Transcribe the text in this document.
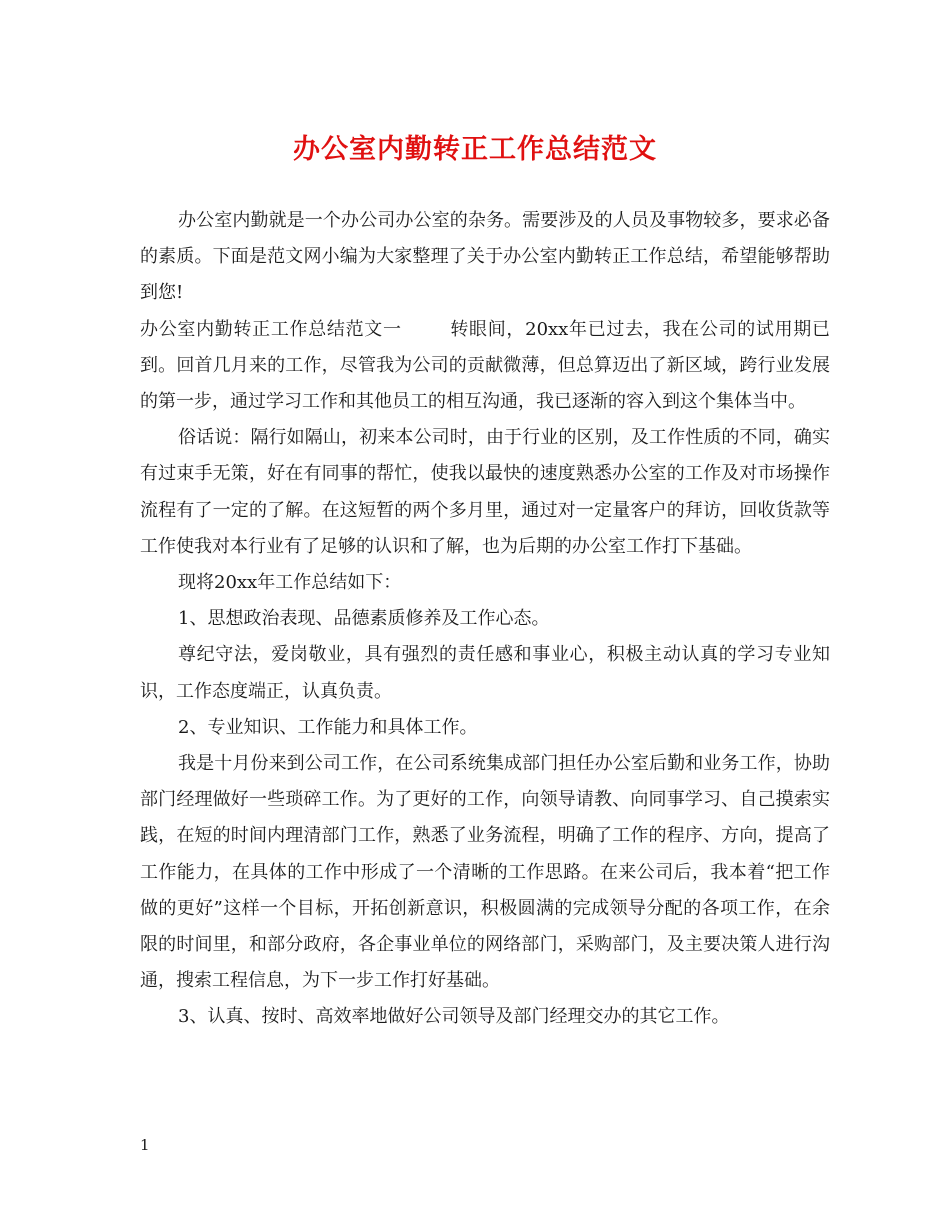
办公室内勤转正工作总结范文

办公室内勤就是一个办公司办公室的杂务。需要涉及的人员及事物较多，要求必备的素质。下面是范文网小编为大家整理了关于办公室内勤转正工作总结，希望能够帮助到您!

办公室内勤转正工作总结范文一	转眼间，20xx年已过去，我在公司的试用期已到。回首几月来的工作，尽管我为公司的贡献微薄，但总算迈出了新区域，跨行业发展的第一步，通过学习工作和其他员工的相互沟通，我已逐渐的容入到这个集体当中。

俗话说：隔行如隔山，初来本公司时，由于行业的区别，及工作性质的不同，确实有过束手无策，好在有同事的帮忙，使我以最快的速度熟悉办公室的工作及对市场操作流程有了一定的了解。在这短暂的两个多月里，通过对一定量客户的拜访，回收货款等工作使我对本行业有了足够的认识和了解，也为后期的办公室工作打下基础。

现将20xx年工作总结如下：

1、思想政治表现、品德素质修养及工作心态。

尊纪守法，爱岗敬业，具有强烈的责任感和事业心，积极主动认真的学习专业知识，工作态度端正，认真负责。

2、专业知识、工作能力和具体工作。

我是十月份来到公司工作，在公司系统集成部门担任办公室后勤和业务工作，协助部门经理做好一些琐碎工作。为了更好的工作，向领导请教、向同事学习、自己摸索实践，在短的时间内理清部门工作，熟悉了业务流程，明确了工作的程序、方向，提高了工作能力，在具体的工作中形成了一个清晰的工作思路。在来公司后，我本着“把工作做的更好”这样一个目标，开拓创新意识，积极圆满的完成领导分配的各项工作，在余限的时间里，和部分政府，各企事业单位的网络部门，采购部门，及主要决策人进行沟通，搜索工程信息，为下一步工作打好基础。

3、认真、按时、高效率地做好公司领导及部门经理交办的其它工作。

1
